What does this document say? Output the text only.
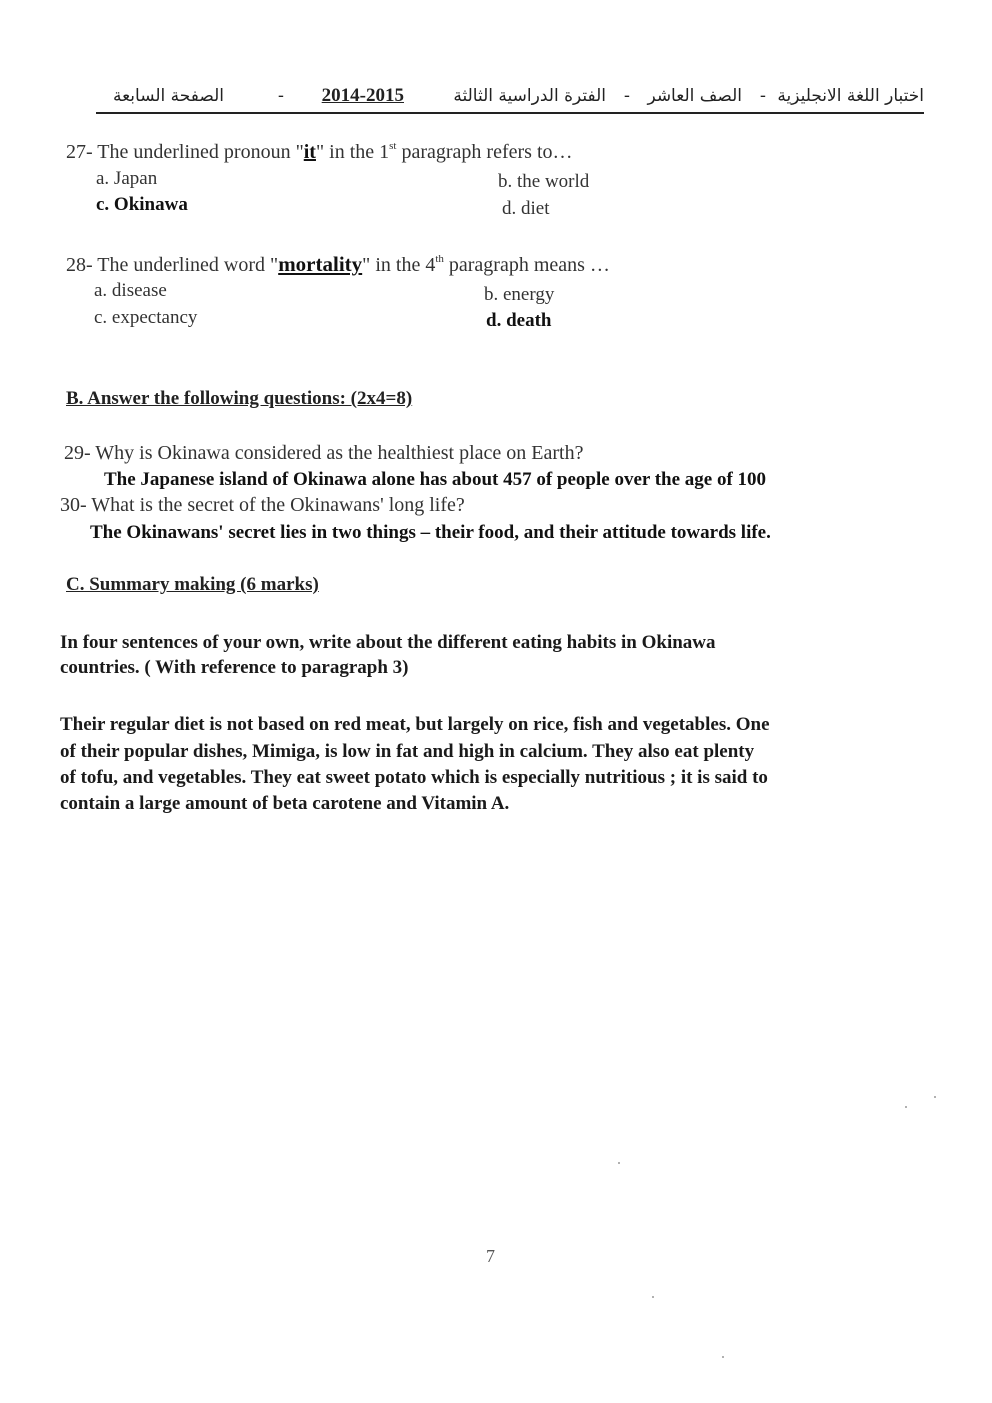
اختبار اللغة الانجليزية
-
الصف العاشر
-
الفترة الدراسية الثالثة
2014-2015
-
الصفحة السابعة
27- The underlined pronoun "it" in the 1st paragraph refers to…
a. Japan	b. the world
c. Okinawa	d. diet
28- The underlined word "mortality" in the 4th paragraph means …
a. disease	b. energy
c. expectancy	d. death
B. Answer the following questions: (2x4=8)
29- Why is Okinawa considered as the healthiest place on Earth?
The Japanese island of Okinawa alone has about 457 of people over the age of 100
30- What is the secret of the Okinawans' long life?
The Okinawans' secret lies in two things – their food, and their attitude towards life.
C. Summary making (6 marks)
In four sentences of your own, write about the different eating habits in Okinawa
countries. ( With reference to paragraph 3)
Their regular diet is not based on red meat, but largely on rice, fish and vegetables. One
of their popular dishes, Mimiga, is low in fat and high in calcium. They also eat plenty
of tofu, and vegetables. They eat sweet potato which is especially nutritious ; it is said to
contain a large amount of beta carotene and Vitamin A.
7
